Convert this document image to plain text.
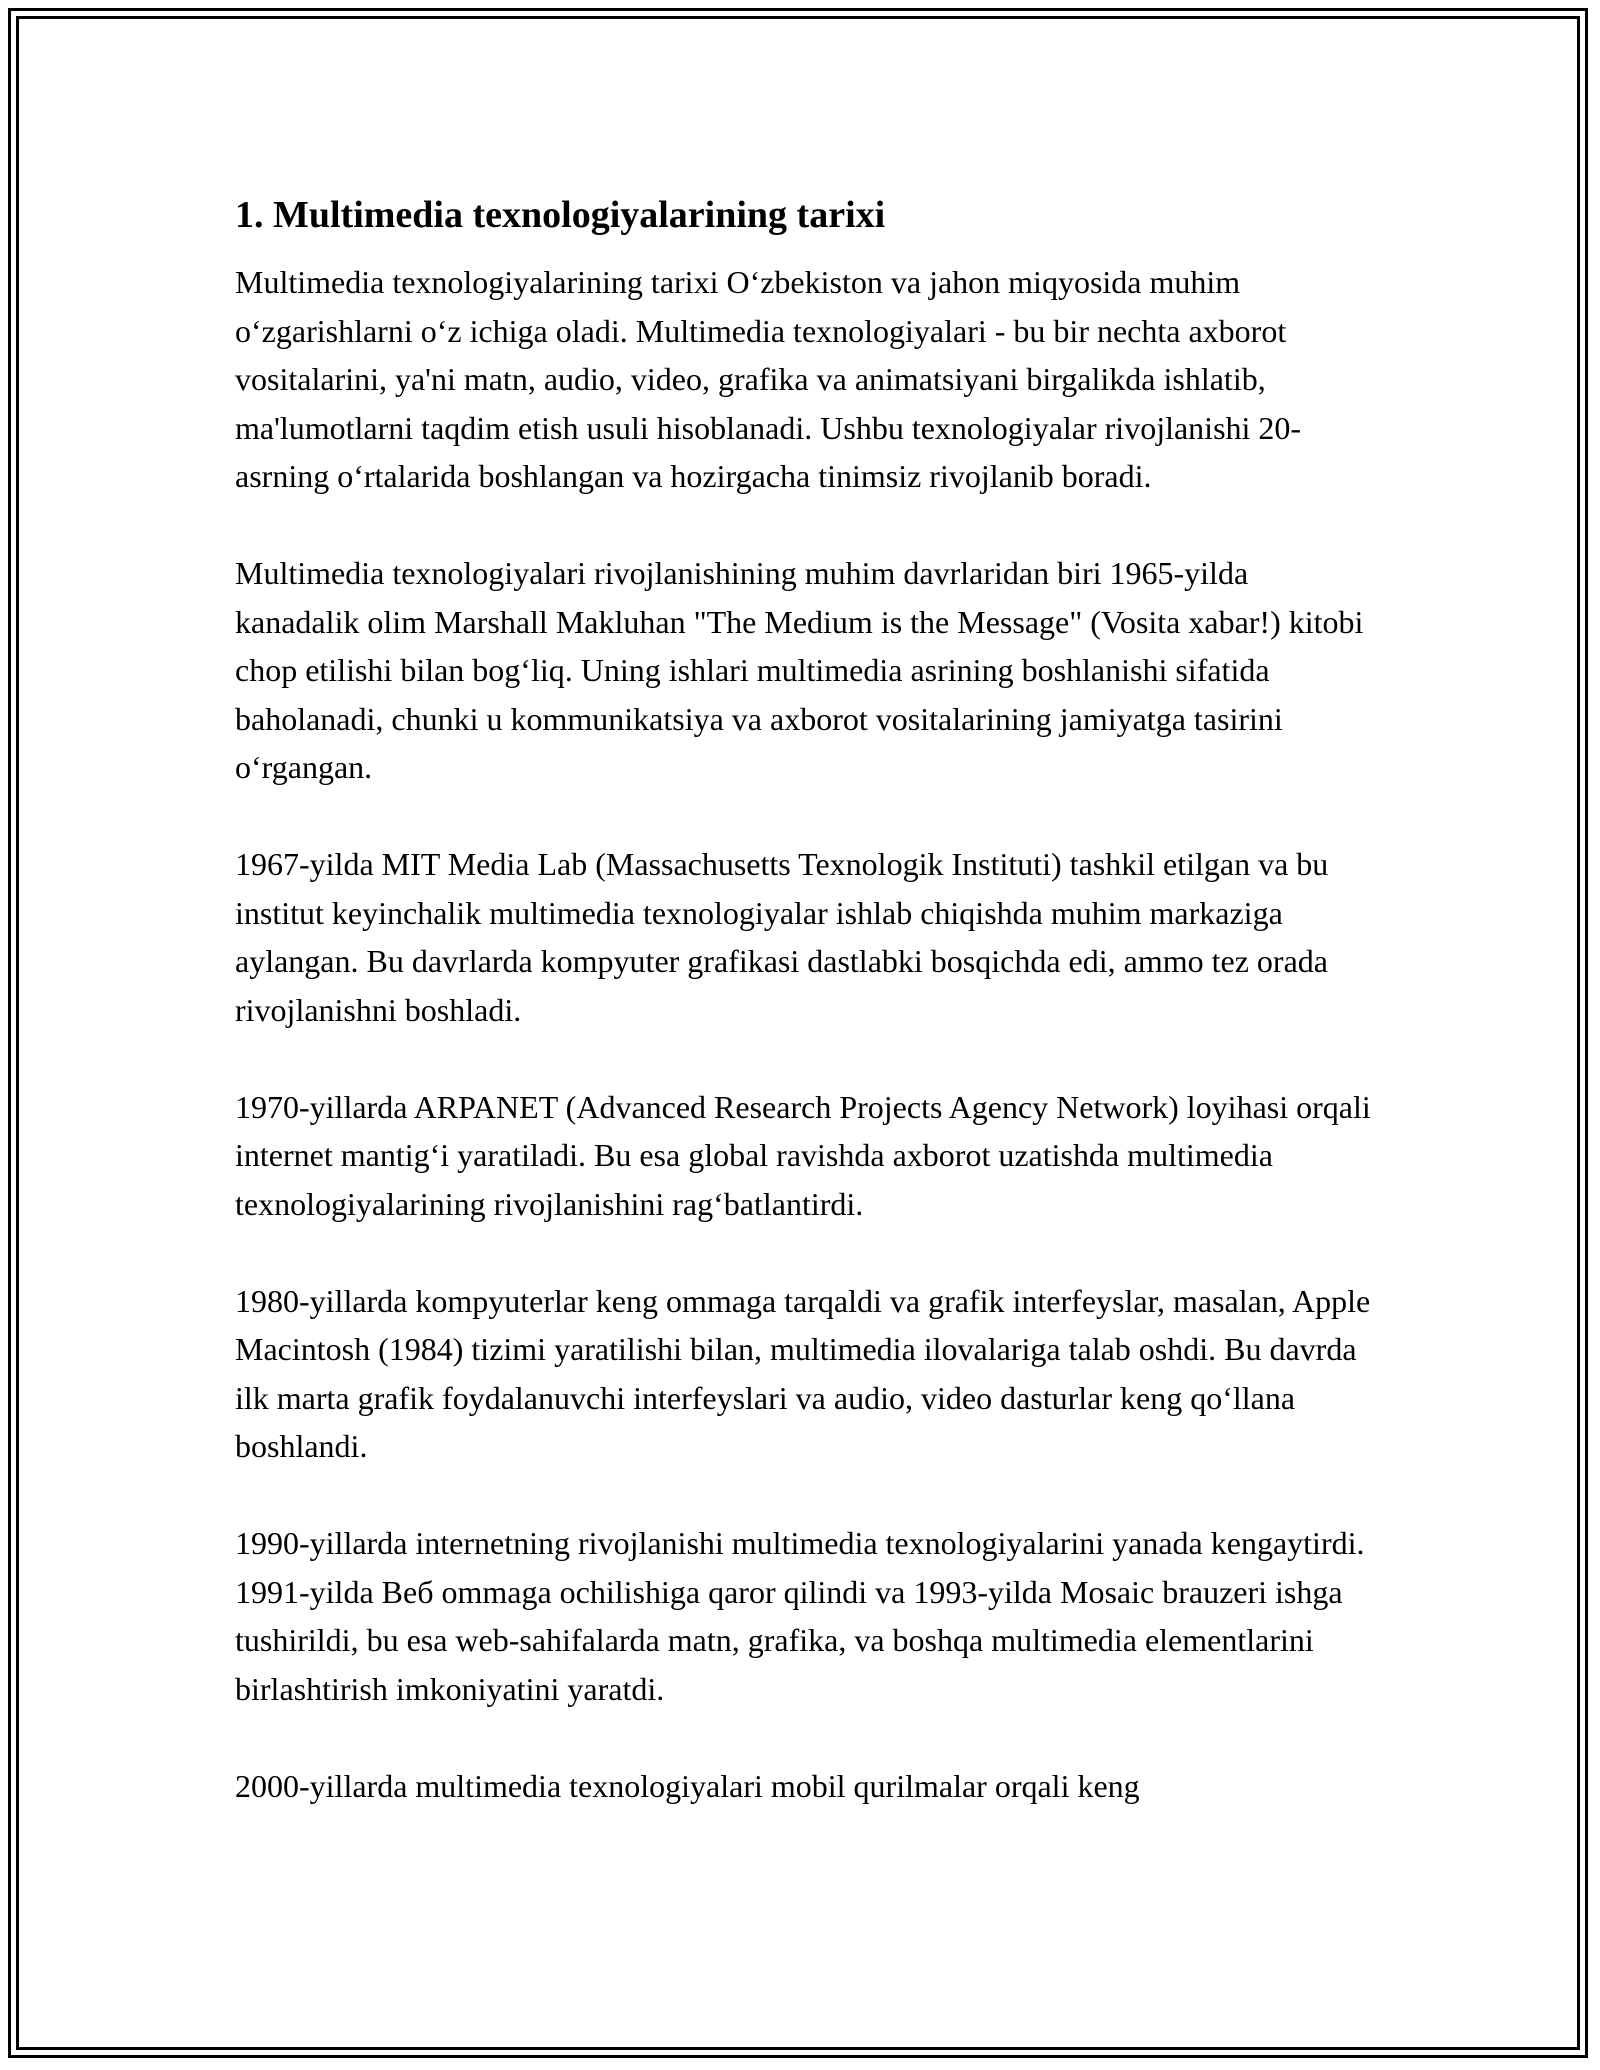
1. Multimedia texnologiyalarining tarixi

Multimedia texnologiyalarining tarixi O‘zbekiston va jahon miqyosida muhim o‘zgarishlarni o‘z ichiga oladi. Multimedia texnologiyalari - bu bir nechta axborot vositalarini, ya'ni matn, audio, video, grafika va animatsiyani birgalikda ishlatib, ma'lumotlarni taqdim etish usuli hisoblanadi. Ushbu texnologiyalar rivojlanishi 20-asrning o‘rtalarida boshlangan va hozirgacha tinimsiz rivojlanib boradi.

Multimedia texnologiyalari rivojlanishining muhim davrlaridan biri 1965-yilda kanadalik olim Marshall Makluhan "The Medium is the Message" (Vosita xabar!) kitobi chop etilishi bilan bog‘liq. Uning ishlari multimedia asrining boshlanishi sifatida baholanadi, chunki u kommunikatsiya va axborot vositalarining jamiyatga tasirini o‘rgangan.

1967-yilda MIT Media Lab (Massachusetts Texnologik Instituti) tashkil etilgan va bu institut keyinchalik multimedia texnologiyalar ishlab chiqishda muhim markaziga aylangan. Bu davrlarda kompyuter grafikasi dastlabki bosqichda edi, ammo tez orada rivojlanishni boshladi.

1970-yillarda ARPANET (Advanced Research Projects Agency Network) loyihasi orqali internet mantig‘i yaratiladi. Bu esa global ravishda axborot uzatishda multimedia texnologiyalarining rivojlanishini rag‘batlantirdi.

1980-yillarda kompyuterlar keng ommaga tarqaldi va grafik interfeyslar, masalan, Apple Macintosh (1984) tizimi yaratilishi bilan, multimedia ilovalariga talab oshdi. Bu davrda ilk marta grafik foydalanuvchi interfeyslari va audio, video dasturlar keng qo‘llana boshlandi.

1990-yillarda internetning rivojlanishi multimedia texnologiyalarini yanada kengaytirdi. 1991-yilda Веб ommaga ochilishiga qaror qilindi va 1993-yilda Mosaic brauzeri ishga tushirildi, bu esa web-sahifalarda matn, grafika, va boshqa multimedia elementlarini birlashtirish imkoniyatini yaratdi.

2000-yillarda multimedia texnologiyalari mobil qurilmalar orqali keng
